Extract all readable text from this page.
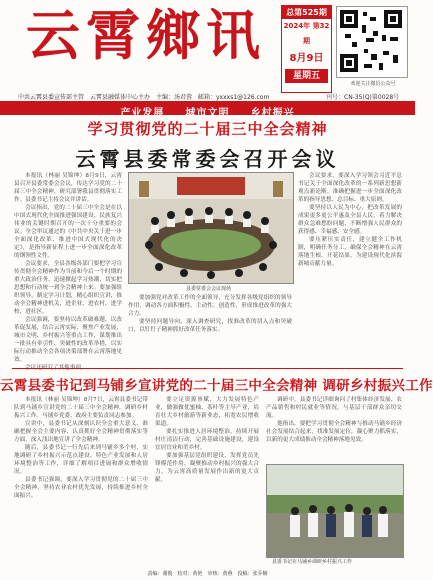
云霄鄉讯	总第525期
2024年 第32期
8月9日
星期五
欢迎关注微信公众号
中共云霄县委宣传部主管　云霄县融媒体中心主办　主编：汤君蓉　邮箱：yxxxs1@126.com	刊号：CN-35(Q)第0028号
产业发展 城市文明 乡村振兴
学习贯彻党的二十届三中全会精神
云霄县委常委会召开会议

本报讯（林丽 吴锦坤）8月9日，云霄县召开县委常委会会议，传达学习党的二十届三中全会精神，研究部署我县贯彻落实工作。县委书记主持会议并讲话。

会议指出，党的二十届三中全会是在以中国式现代化全面推进强国建设、民族复兴伟业的关键时期召开的一次十分重要的会议。全会审议通过的《中共中央关于进一步全面深化改革、推进中国式现代化的决定》，是指导新征程上进一步全面深化改革的纲领性文件。

会议要求，全县各级各部门要把学习宣传贯彻全会精神作为当前和今后一个时期的重大政治任务，迅速掀起学习热潮，切实把思想和行动统一到全会精神上来。要加强组织领导，制定学习计划，精心组织宣讲，推动全会精神进机关、进企业、进农村、进学校、进社区。

会议强调，要坚持以改革破难题、以改革促发展，结合云霄实际，聚焦产业发展、城市文明、乡村振兴等重点工作，谋划推出一批具有牵引性、突破性的改革举措，以实际行动推动全会各项决策部署在云霄落地见效。

县委常委会会议现场

要加强党对改革工作的全面领导，充分发挥各级党组织的领导作用，调动各方面积极性、主动性、创造性，形成推进改革的强大合力。

要坚持问题导向，深入调查研究，找准改革的切入点和突破口，以钉钉子精神抓好改革任务落实。

会议要求，要深入学习领会习近平总书记关于全面深化改革的一系列新思想新观点新论断，准确把握进一步全面深化改革的指导思想、总目标、重大原则。

要坚持以人民为中心，把改革发展的成果更多更公平惠及全县人民，着力解决群众急难愁盼问题，不断增强人民群众的获得感、幸福感、安全感。

要压紧压实责任，建立健全工作机制，明确任务分工，确保全会精神在云霄落地生根、开花结果，为建设现代化滨海新城贡献力量。

云霄县委书记到马铺乡宣讲党的二十届三中全会精神 调研乡村振兴工作

本报讯（林丽 吴锦坤）8月7日，云霄县委书记带队到马铺乡宣讲党的二十届三中全会精神，调研乡村振兴工作。马铺乡党委、政府主要负责同志参加。

宣讲中，县委书记从深刻认识全会重大意义、准确把握全会主要内容、认真抓好全会精神贯彻落实等方面，深入浅出地宣讲了全会精神。

随后，县委书记一行先后来到马铺乡多个村，实地调研了乡村振兴示范点建设、特色产业发展和人居环境整治等工作，详细了解项目进展和群众增收情况。

县委书记强调，要深入学习贯彻党的二十届三中全会精神，坚持农业农村优先发展，持续推进乡村全面振兴。

要立足资源禀赋，大力发展特色产业，做强做优蜜柚、茶叶等主导产业，培育壮大乡村旅游等新业态，拓宽农民增收渠道。

要扎实推进人居环境整治，持续开展村庄清洁行动，完善基础设施建设，建设宜居宜业和美乡村。

要加强基层党组织建设，发挥党员先锋模范作用，凝聚推动乡村振兴的强大合力，为云霄高质量发展作出新的更大贡献。

调研中，县委书记详细询问了村集体经济发展、农产品销售和村民就业等情况，与基层干部群众亲切交流。

他指出，要把学习贯彻全会精神与推动马铺乡经济社会发展结合起来，找准发展定位，凝心聚力抓落实，以新的更大成绩推动全会精神落地见效。

县委书记在马铺乡调研乡村振兴工作
责编：谢俊　校对：黄艳　审核：黄燕　投稿：张乔楠
